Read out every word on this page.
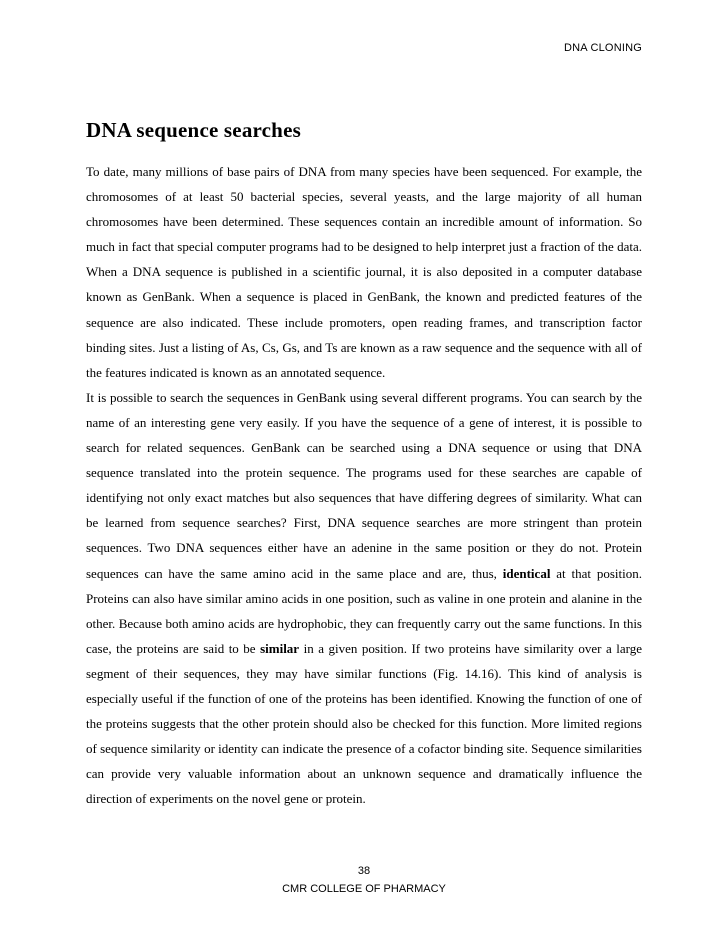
DNA CLONING
DNA sequence searches

To date, many millions of base pairs of DNA from many species have been sequenced. For example, the chromosomes of at least 50 bacterial species, several yeasts, and the large majority of all human chromosomes have been determined. These sequences contain an incredible amount of information. So much in fact that special computer programs had to be designed to help interpret just a fraction of the data. When a DNA sequence is published in a scientific journal, it is also deposited in a computer database known as GenBank. When a sequence is placed in GenBank, the known and predicted features of the sequence are also indicated. These include promoters, open reading frames, and transcription factor binding sites. Just a listing of As, Cs, Gs, and Ts are known as a raw sequence and the sequence with all of the features indicated is known as an annotated sequence.

It is possible to search the sequences in GenBank using several different programs. You can search by the name of an interesting gene very easily. If you have the sequence of a gene of interest, it is possible to search for related sequences. GenBank can be searched using a DNA sequence or using that DNA sequence translated into the protein sequence. The programs used for these searches are capable of identifying not only exact matches but also sequences that have differing degrees of similarity. What can be learned from sequence searches? First, DNA sequence searches are more stringent than protein sequences. Two DNA sequences either have an adenine in the same position or they do not. Protein sequences can have the same amino acid in the same place and are, thus, identical at that position. Proteins can also have similar amino acids in one position, such as valine in one protein and alanine in the other. Because both amino acids are hydrophobic, they can frequently carry out the same functions. In this case, the proteins are said to be similar in a given position. If two proteins have similarity over a large segment of their sequences, they may have similar functions (Fig. 14.16). This kind of analysis is especially useful if the function of one of the proteins has been identified. Knowing the function of one of the proteins suggests that the other protein should also be checked for this function. More limited regions of sequence similarity or identity can indicate the presence of a cofactor binding site. Sequence similarities can provide very valuable information about an unknown sequence and dramatically influence the direction of experiments on the novel gene or protein.

38
CMR COLLEGE OF PHARMACY
